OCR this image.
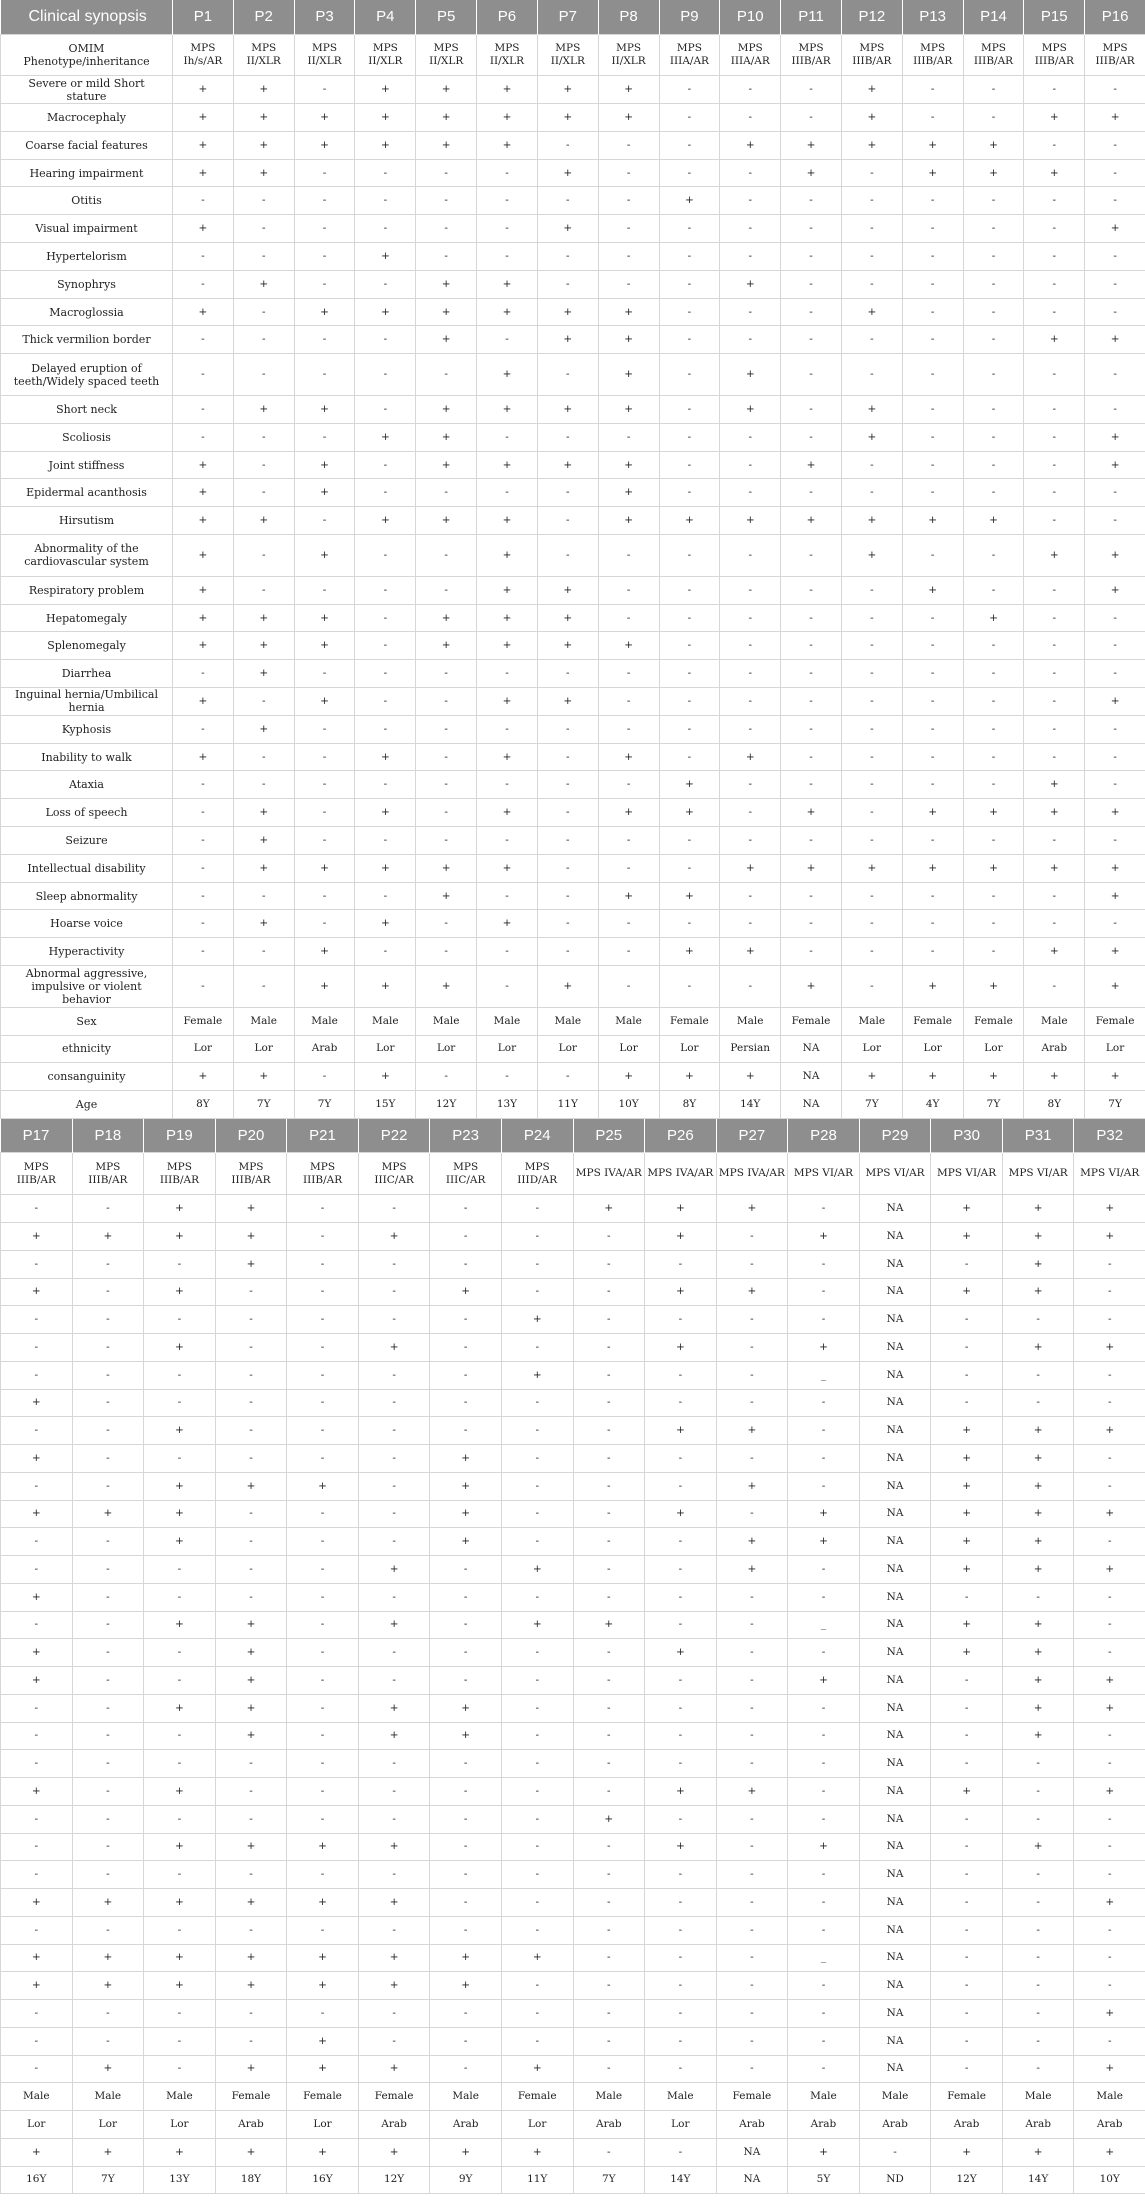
Clinical synopsis	P1	P2	P3	P4	P5	P6	P7	P8	P9	P10	P11	P12	P13	P14	P15	P16
OMIM Phenotype/inheritance	MPS Ih/s/AR	MPS II/XLR	MPS II/XLR	MPS II/XLR	MPS II/XLR	MPS II/XLR	MPS II/XLR	MPS II/XLR	MPS IIIA/AR	MPS IIIA/AR	MPS IIIB/AR	MPS IIIB/AR	MPS IIIB/AR	MPS IIIB/AR	MPS IIIB/AR	MPS IIIB/AR
Severe or mild Short stature	+	+	-	+	+	+	+	+	-	-	-	+	-	-	-	-
Macrocephaly	+	+	+	+	+	+	+	+	-	-	-	+	-	-	+	+
Coarse facial features	+	+	+	+	+	+	-	-	-	+	+	+	+	+	-	-
Hearing impairment	+	+	-	-	-	-	+	-	-	-	+	-	+	+	+	-
Otitis	-	-	-	-	-	-	-	-	+	-	-	-	-	-	-	-
Visual impairment	+	-	-	-	-	-	+	-	-	-	-	-	-	-	-	+
Hypertelorism	-	-	-	+	-	-	-	-	-	-	-	-	-	-	-	-
Synophrys	-	+	-	-	+	+	-	-	-	+	-	-	-	-	-	-
Macroglossia	+	-	+	+	+	+	+	+	-	-	-	+	-	-	-	-
Thick vermilion border	-	-	-	-	+	-	+	+	-	-	-	-	-	-	+	+
Delayed eruption of teeth/Widely spaced teeth	-	-	-	-	-	+	-	+	-	+	-	-	-	-	-	-
Short neck	-	+	+	-	+	+	+	+	-	+	-	+	-	-	-	-
Scoliosis	-	-	-	+	+	-	-	-	-	-	-	+	-	-	-	+
Joint stiffness	+	-	+	-	+	+	+	+	-	-	+	-	-	-	-	+
Epidermal acanthosis	+	-	+	-	-	-	-	+	-	-	-	-	-	-	-	-
Hirsutism	+	+	-	+	+	+	-	+	+	+	+	+	+	+	-	-
Abnormality of the cardiovascular system	+	-	+	-	-	+	-	-	-	-	-	+	-	-	+	+
Respiratory problem	+	-	-	-	-	+	+	-	-	-	-	-	+	-	-	+
Hepatomegaly	+	+	+	-	+	+	+	-	-	-	-	-	-	+	-	-
Splenomegaly	+	+	+	-	+	+	+	+	-	-	-	-	-	-	-	-
Diarrhea	-	+	-	-	-	-	-	-	-	-	-	-	-	-	-	-
Inguinal hernia/Umbilical hernia	+	-	+	-	-	+	+	-	-	-	-	-	-	-	-	+
Kyphosis	-	+	-	-	-	-	-	-	-	-	-	-	-	-	-	-
Inability to walk	+	-	-	+	-	+	-	+	-	+	-	-	-	-	-	-
Ataxia	-	-	-	-	-	-	-	-	+	-	-	-	-	-	+	-
Loss of speech	-	+	-	+	-	+	-	+	+	-	+	-	+	+	+	+
Seizure	-	+	-	-	-	-	-	-	-	-	-	-	-	-	-	-
Intellectual disability	-	+	+	+	+	+	-	-	-	+	+	+	+	+	+	+
Sleep abnormality	-	-	-	-	+	-	-	+	+	-	-	-	-	-	-	+
Hoarse voice	-	+	-	+	-	+	-	-	-	-	-	-	-	-	-	-
Hyperactivity	-	-	+	-	-	-	-	-	+	+	-	-	-	-	+	+
Abnormal aggressive, impulsive or violent behavior	-	-	+	+	+	-	+	-	-	-	+	-	+	+	-	+
Sex	Female	Male	Male	Male	Male	Male	Male	Male	Female	Male	Female	Male	Female	Female	Male	Female
ethnicity	Lor	Lor	Arab	Lor	Lor	Lor	Lor	Lor	Lor	Persian	NA	Lor	Lor	Lor	Arab	Lor
consanguinity	+	+	-	+	-	-	-	+	+	+	NA	+	+	+	+	+
Age	8Y	7Y	7Y	15Y	12Y	13Y	11Y	10Y	8Y	14Y	NA	7Y	4Y	7Y	8Y	7Y
P17	P18	P19	P20	P21	P22	P23	P24	P25	P26	P27	P28	P29	P30	P31	P32
MPS IIIB/AR	MPS IIIB/AR	MPS IIIB/AR	MPS IIIB/AR	MPS IIIB/AR	MPS IIIC/AR	MPS IIIC/AR	MPS IIID/AR	MPS IVA/AR	MPS IVA/AR	MPS IVA/AR	MPS VI/AR	MPS VI/AR	MPS VI/AR	MPS VI/AR	MPS VI/AR
-	-	+	+	-	-	-	-	+	+	+	-	NA	+	+	+
+	+	+	+	-	+	-	-	-	+	-	+	NA	+	+	+
-	-	-	+	-	-	-	-	-	-	-	-	NA	-	+	-
+	-	+	-	-	-	+	-	-	+	+	-	NA	+	+	-
-	-	-	-	-	-	-	+	-	-	-	-	NA	-	-	-
-	-	+	-	-	+	-	-	-	+	-	+	NA	-	+	+
-	-	-	-	-	-	-	+	-	-	-	_	NA	-	-	-
+	-	-	-	-	-	-	-	-	-	-	-	NA	-	-	-
-	-	+	-	-	-	-	-	-	+	+	-	NA	+	+	+
+	-	-	-	-	-	+	-	-	-	-	-	NA	+	+	-
-	-	+	+	+	-	+	-	-	-	+	-	NA	+	+	-
+	+	+	-	-	-	+	-	-	+	-	+	NA	+	+	+
-	-	+	-	-	-	+	-	-	-	+	+	NA	+	+	-
-	-	-	-	-	+	-	+	-	-	+	-	NA	+	+	+
+	-	-	-	-	-	-	-	-	-	-	-	NA	-	-	-
-	-	+	+	-	+	-	+	+	-	-	_	NA	+	+	-
+	-	-	+	-	-	-	-	-	+	-	-	NA	+	+	-
+	-	-	+	-	-	-	-	-	-	-	+	NA	-	+	+
-	-	+	+	-	+	+	-	-	-	-	-	NA	-	+	+
-	-	-	+	-	+	+	-	-	-	-	-	NA	-	+	-
-	-	-	-	-	-	-	-	-	-	-	-	NA	-	-	-
+	-	+	-	-	-	-	-	-	+	+	-	NA	+	-	+
-	-	-	-	-	-	-	-	+	-	-	-	NA	-	-	-
-	-	+	+	+	+	-	-	-	+	-	+	NA	-	+	-
-	-	-	-	-	-	-	-	-	-	-	-	NA	-	-	-
+	+	+	+	+	+	-	-	-	-	-	-	NA	-	-	+
-	-	-	-	-	-	-	-	-	-	-	-	NA	-	-	-
+	+	+	+	+	+	+	+	-	-	-	_	NA	-	-	-
+	+	+	+	+	+	+	-	-	-	-	-	NA	-	-	-
-	-	-	-	-	-	-	-	-	-	-	-	NA	-	-	+
-	-	-	-	+	-	-	-	-	-	-	-	NA	-	-	-
-	+	-	+	+	+	-	+	-	-	-	-	NA	-	-	+
Male	Male	Male	Female	Female	Female	Male	Female	Male	Male	Female	Male	Male	Female	Male	Male
Lor	Lor	Lor	Arab	Lor	Arab	Arab	Lor	Arab	Lor	Arab	Arab	Arab	Arab	Arab	Arab
+	+	+	+	+	+	+	+	-	-	NA	+	-	+	+	+
16Y	7Y	13Y	18Y	16Y	12Y	9Y	11Y	7Y	14Y	NA	5Y	ND	12Y	14Y	10Y
